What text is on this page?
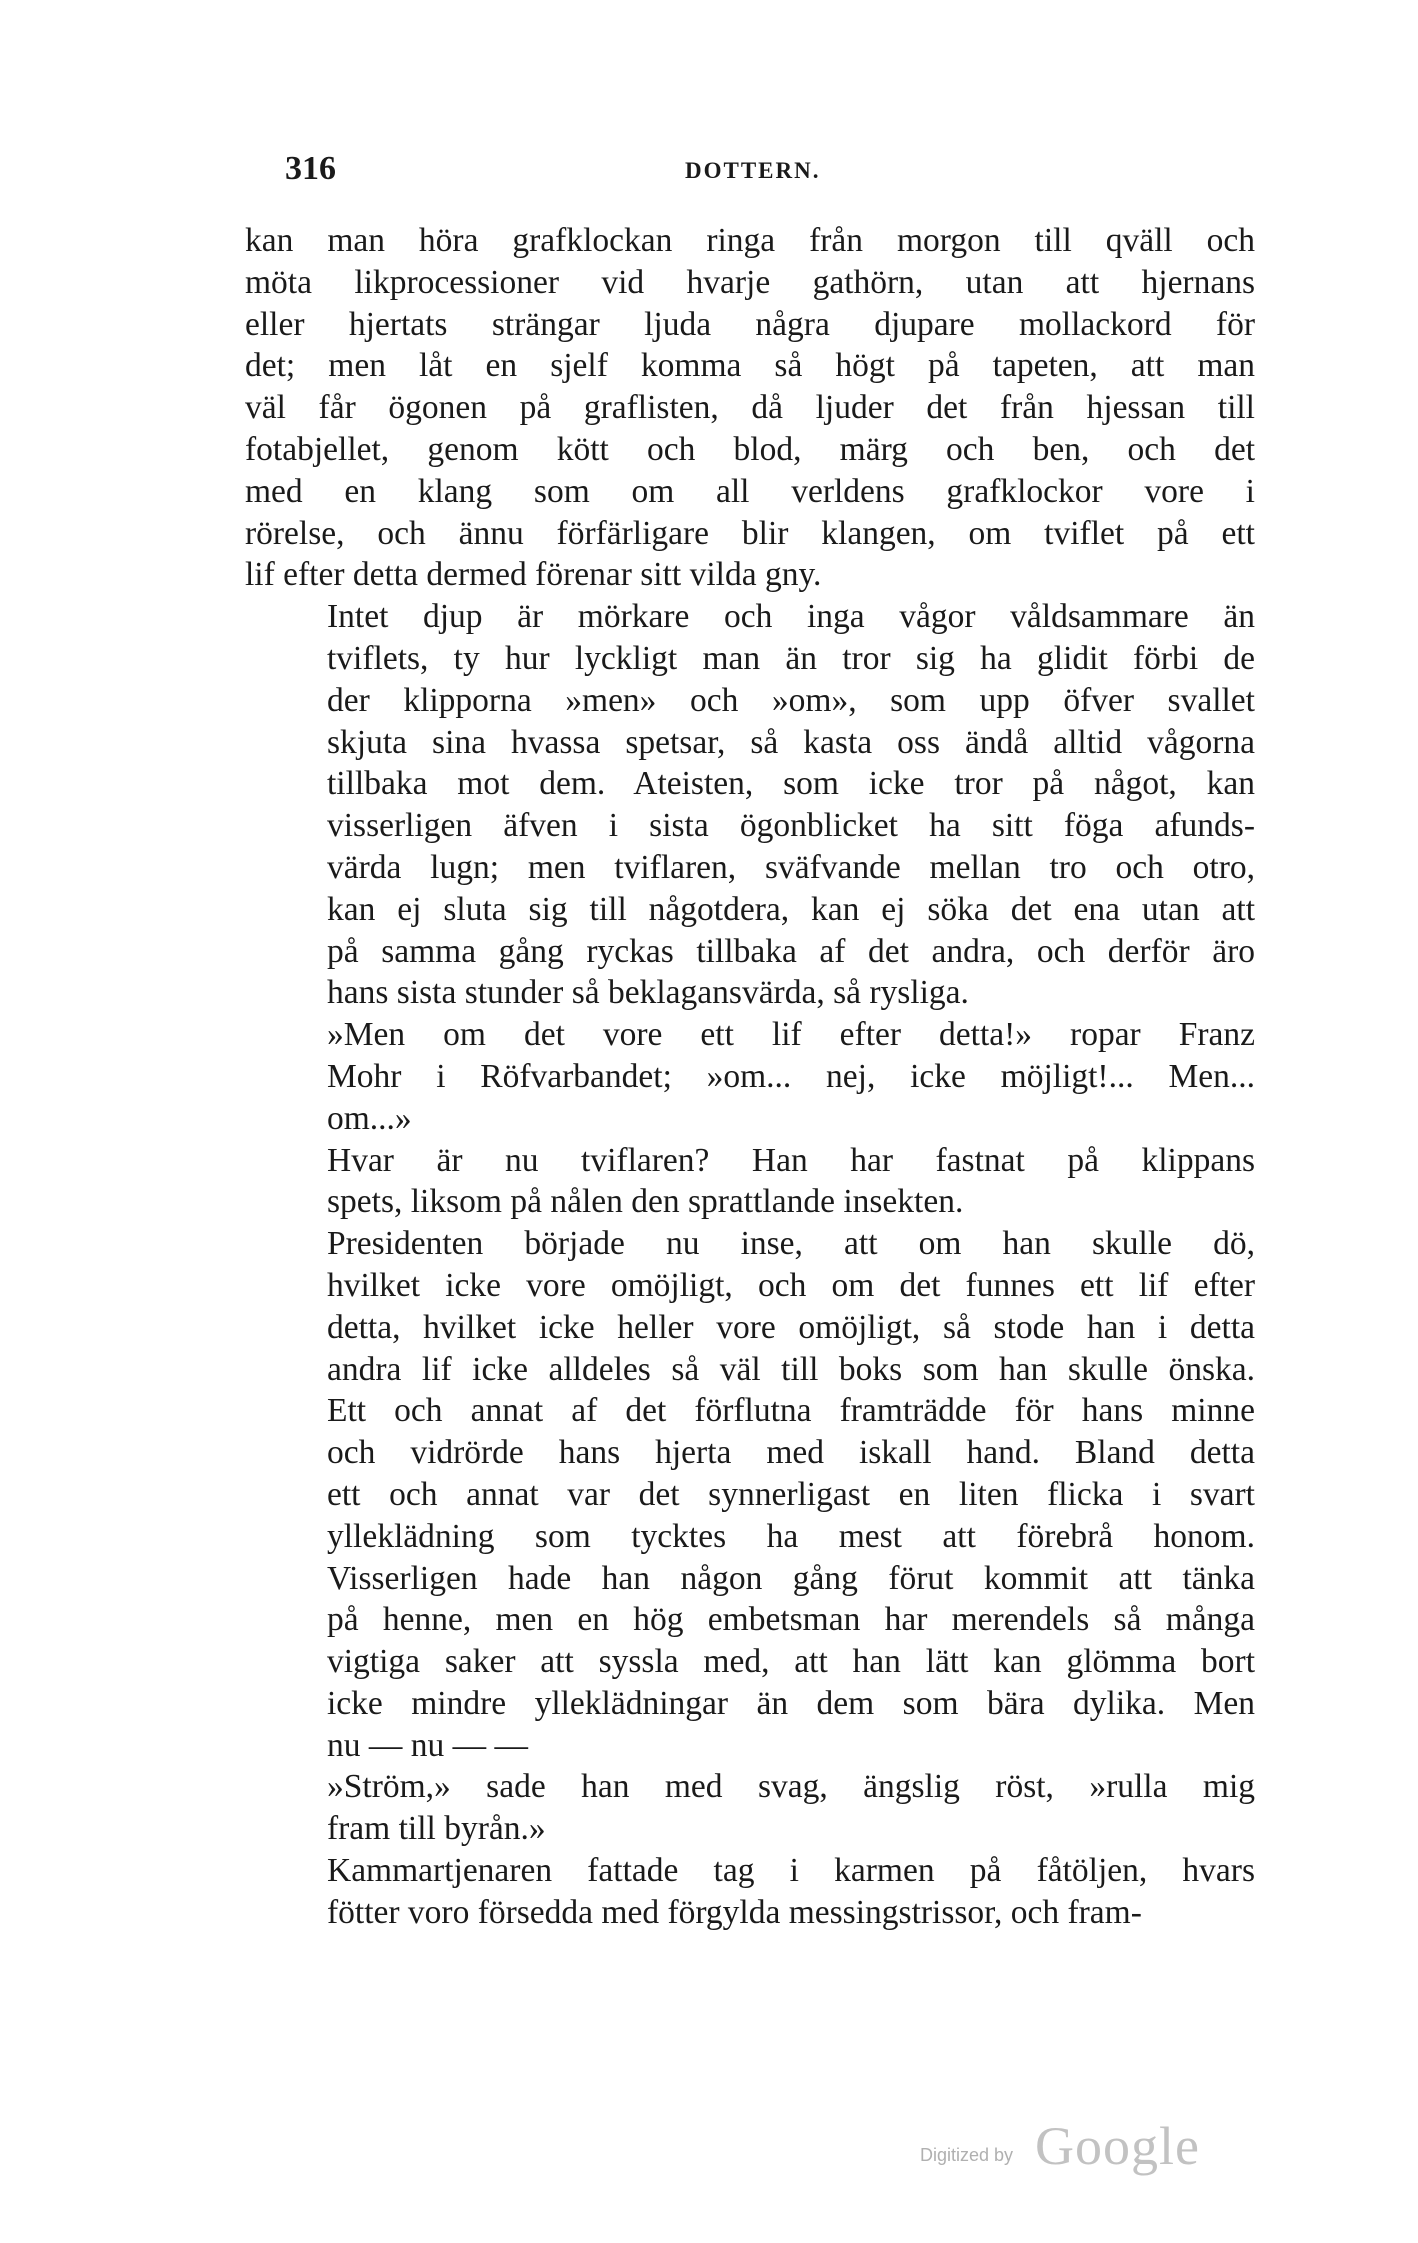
316	DOTTERN.
kan man höra grafklockan ringa från morgon till qväll och
möta likprocessioner vid hvarje gathörn, utan att hjernans
eller hjertats strängar ljuda några djupare mollackord för
det; men låt en sjelf komma så högt på tapeten, att man
väl får ögonen på graflisten, då ljuder det från hjessan till
fotabjellet, genom kött och blod, märg och ben, och det
med en klang som om all verldens grafklockor vore i
rörelse, och ännu förfärligare blir klangen, om tviflet på ett
lif efter detta dermed förenar sitt vilda gny.
Intet djup är mörkare och inga vågor våldsammare än
tviflets, ty hur lyckligt man än tror sig ha glidit förbi de
der klipporna »men» och »om», som upp öfver svallet
skjuta sina hvassa spetsar, så kasta oss ändå alltid vågorna
tillbaka mot dem. Ateisten, som icke tror på något, kan
visserligen äfven i sista ögonblicket ha sitt föga afunds-
värda lugn; men tviflaren, sväfvande mellan tro och otro,
kan ej sluta sig till någotdera, kan ej söka det ena utan att
på samma gång ryckas tillbaka af det andra, och derför äro
hans sista stunder så beklagansvärda, så rysliga.
»Men om det vore ett lif efter detta!» ropar Franz
Mohr i Röfvarbandet; »om... nej, icke möjligt!... Men...
om...»
Hvar är nu tviflaren? Han har fastnat på klippans
spets, liksom på nålen den sprattlande insekten.
Presidenten började nu inse, att om han skulle dö,
hvilket icke vore omöjligt, och om det funnes ett lif efter
detta, hvilket icke heller vore omöjligt, så stode han i detta
andra lif icke alldeles så väl till boks som han skulle önska.
Ett och annat af det förflutna framträdde för hans minne
och vidrörde hans hjerta med iskall hand. Bland detta
ett och annat var det synnerligast en liten flicka i svart
ylleklädning som tycktes ha mest att förebrå honom.
Visserligen hade han någon gång förut kommit att tänka
på henne, men en hög embetsman har merendels så många
vigtiga saker att syssla med, att han lätt kan glömma bort
icke mindre ylleklädningar än dem som bära dylika. Men
nu — nu — —
»Ström,» sade han med svag, ängslig röst, »rulla mig
fram till byrån.»
Kammartjenaren fattade tag i karmen på fåtöljen, hvars
fötter voro försedda med förgylda messingstrissor, och fram-
Digitized by Google
